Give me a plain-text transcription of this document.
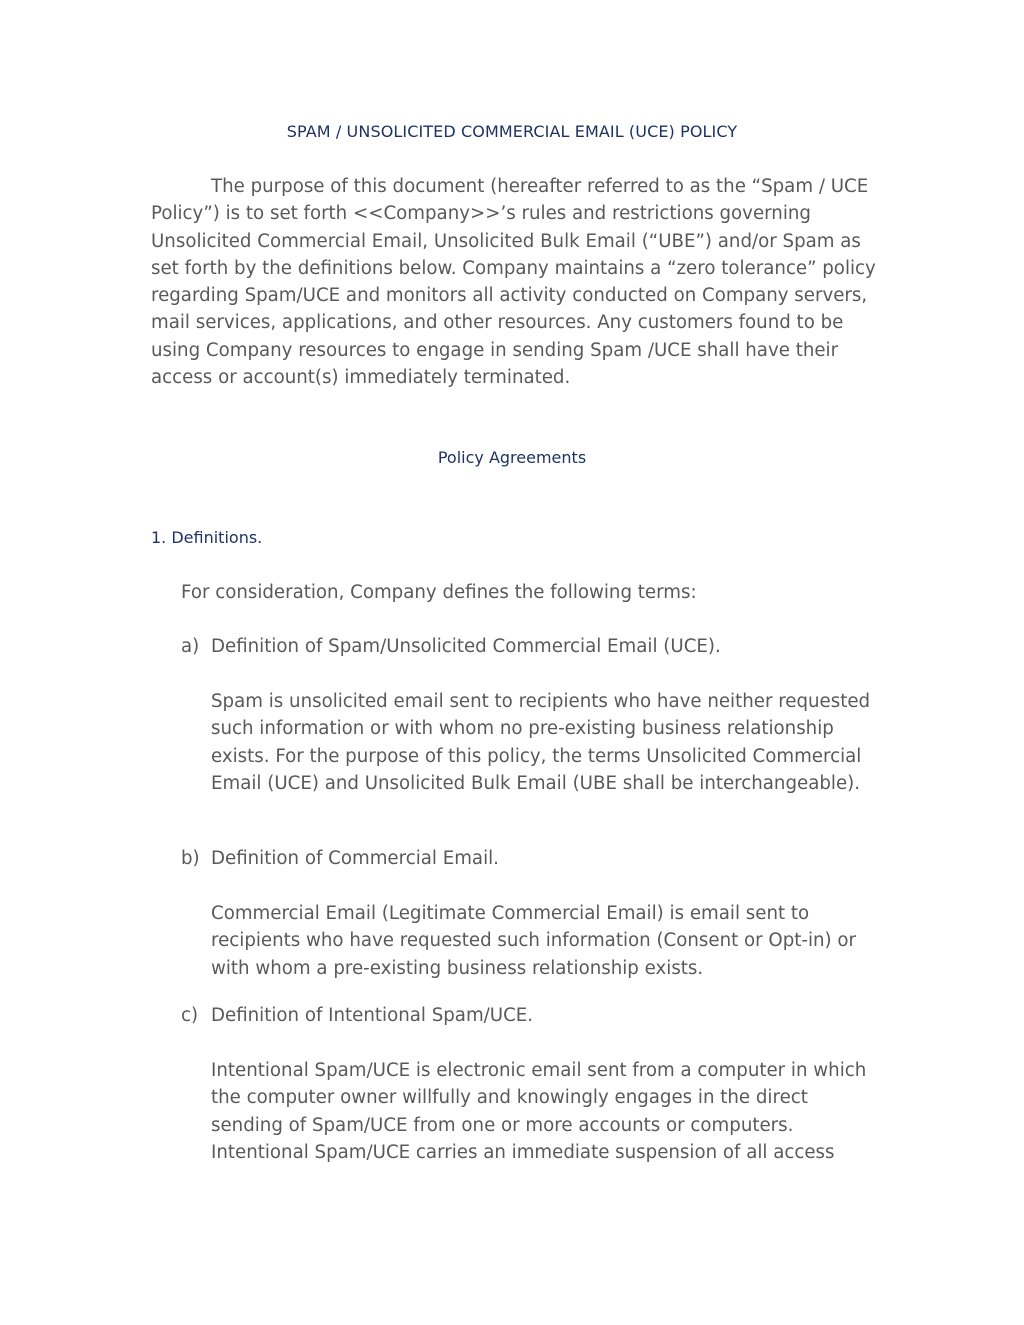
SPAM / UNSOLICITED COMMERCIAL EMAIL (UCE) POLICY

The purpose of this document (hereafter referred to as the “Spam / UCE Policy”) is to set forth <<Company>>’s rules and restrictions governing Unsolicited Commercial Email, Unsolicited Bulk Email (“UBE”) and/or Spam as set forth by the definitions below. Company maintains a “zero tolerance” policy regarding Spam/UCE and monitors all activity conducted on Company servers, mail services, applications, and other resources. Any customers found to be using Company resources to engage in sending Spam /UCE shall have their access or account(s) immediately terminated.

Policy Agreements
1. Definitions.

For consideration, Company defines the following terms:

a) Definition of Spam/Unsolicited Commercial Email (UCE).

Spam is unsolicited email sent to recipients who have neither requested such information or with whom no pre-existing business relationship exists. For the purpose of this policy, the terms Unsolicited Commercial Email (UCE) and Unsolicited Bulk Email (UBE shall be interchangeable).

b) Definition of Commercial Email.

Commercial Email (Legitimate Commercial Email) is email sent to recipients who have requested such information (Consent or Opt-in) or with whom a pre-existing business relationship exists.

c) Definition of Intentional Spam/UCE.

Intentional Spam/UCE is electronic email sent from a computer in which the computer owner willfully and knowingly engages in the direct sending of Spam/UCE from one or more accounts or computers. Intentional Spam/UCE carries an immediate suspension of all access
